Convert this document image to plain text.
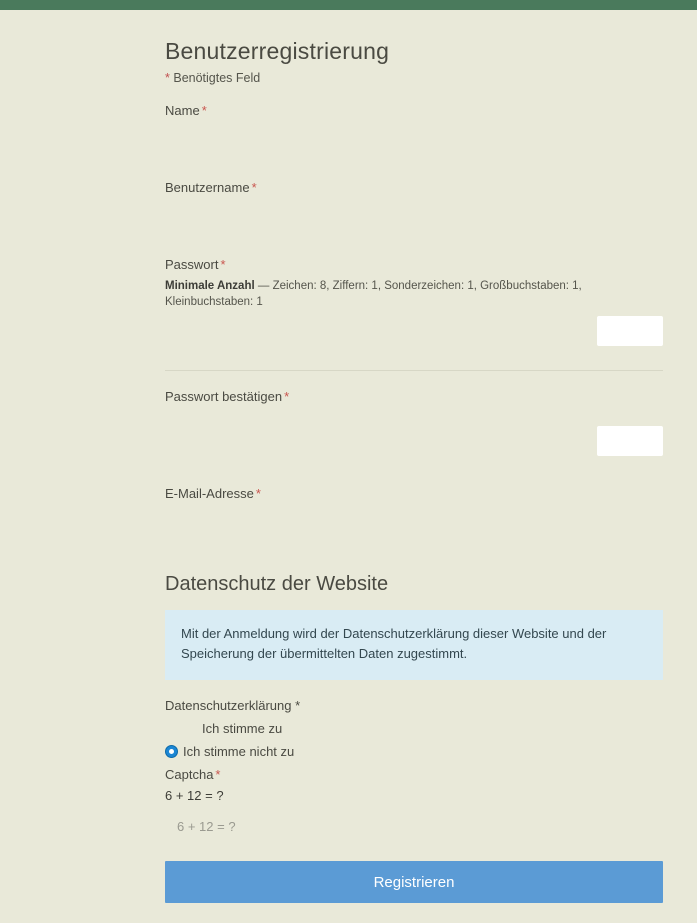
Benutzerregistrierung
* Benötigtes Feld
Name *
Benutzername *
Passwort *

Minimale Anzahl — Zeichen: 8, Ziffern: 1, Sonderzeichen: 1, Großbuchstaben: 1, Kleinbuchstaben: 1

Passwort bestätigen *
E-Mail-Adresse *
Datenschutz der Website
Mit der Anmeldung wird der Datenschutzerklärung dieser Website und der Speicherung der übermittelten Daten zugestimmt.
Datenschutzerklärung *
Ich stimme zu
Ich stimme nicht zu
Captcha *
6 + 12 = ?
6 + 12 = ?
Registrieren
